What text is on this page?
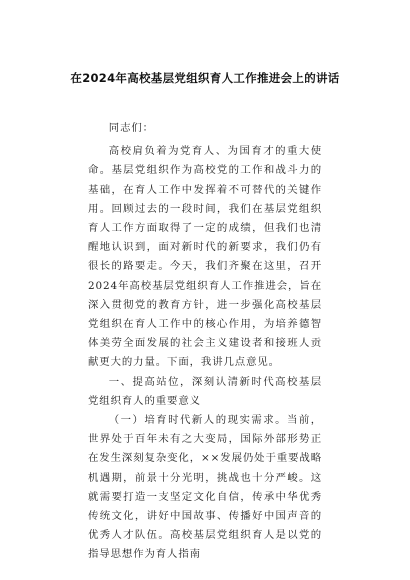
在2024年高校基层党组织育人工作推进会上的讲话

同志们：

高校肩负着为党育人、为国育才的重大使命。基层党组织作为高校党的工作和战斗力的基础，在育人工作中发挥着不可替代的关键作用。回顾过去的一段时间，我们在基层党组织育人工作方面取得了一定的成绩，但我们也清醒地认识到，面对新时代的新要求，我们仍有很长的路要走。今天，我们齐聚在这里，召开2024年高校基层党组织育人工作推进会，旨在深入贯彻党的教育方针，进一步强化高校基层党组织在育人工作中的核心作用，为培养德智体美劳全面发展的社会主义建设者和接班人贡献更大的力量。下面，我讲几点意见。

一、提高站位，深刻认清新时代高校基层党组织育人的重要意义

（一）培育时代新人的现实需求。当前，世界处于百年未有之大变局，国际外部形势正在发生深刻复杂变化，××发展仍处于重要战略机遇期，前景十分光明，挑战也十分严峻。这就需要打造一支坚定文化自信，传承中华优秀传统文化，讲好中国故事、传播好中国声音的优秀人才队伍。高校基层党组织育人是以党的指导思想作为育人指南
